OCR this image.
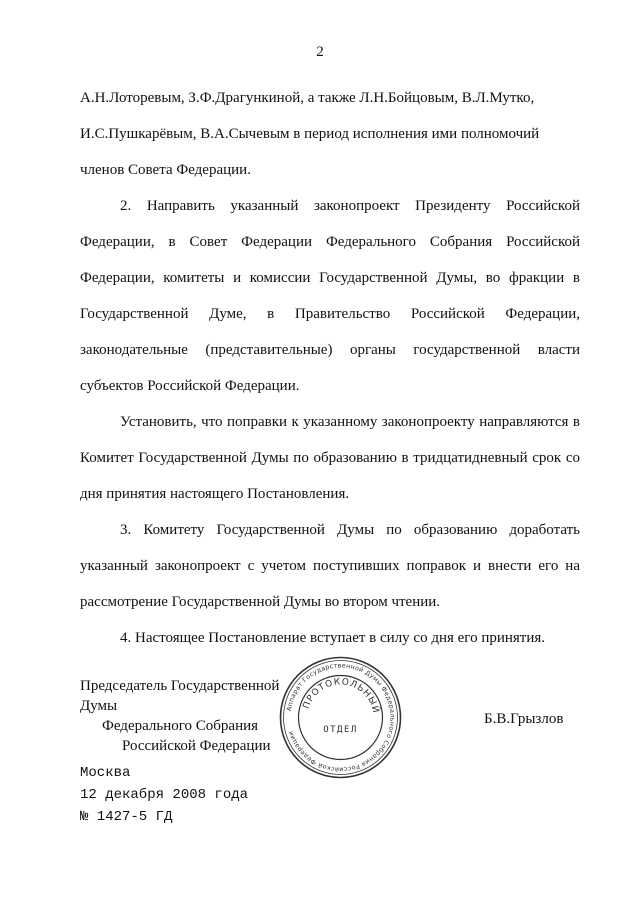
2
А.Н.Лоторевым, З.Ф.Драгункиной, а также Л.Н.Бойцовым, В.Л.Мутко,
И.С.Пушкарёвым, В.А.Сычевым в период исполнения ими полномочий
членов Совета Федерации.
2. Направить указанный законопроект Президенту Российской
Федерации, в Совет Федерации Федерального Собрания Российской
Федерации, комитеты и комиссии Государственной Думы, во фракции в
Государственной Думе, в Правительство Российской Федерации,
законодательные (представительные) органы государственной власти
субъектов Российской Федерации.
Установить, что поправки к указанному законопроекту направляются в
Комитет Государственной Думы по образованию в тридцатидневный срок со
дня принятия настоящего Постановления.
3. Комитету Государственной Думы по образованию доработать
указанный законопроект с учетом поступивших поправок и внести его на
рассмотрение Государственной Думы во втором чтении.
4. Настоящее Постановление вступает в силу со дня его принятия.
Председатель Государственной Думы
Федерального Собрания
Российской Федерации
Аппарат Государственной Думы Федерального Собрания Российской Федерации
ПРОТОКОЛЬНЫЙ
ОТДЕЛ
Б.В.Грызлов
Москва
12 декабря 2008 года
№ 1427-5 ГД
